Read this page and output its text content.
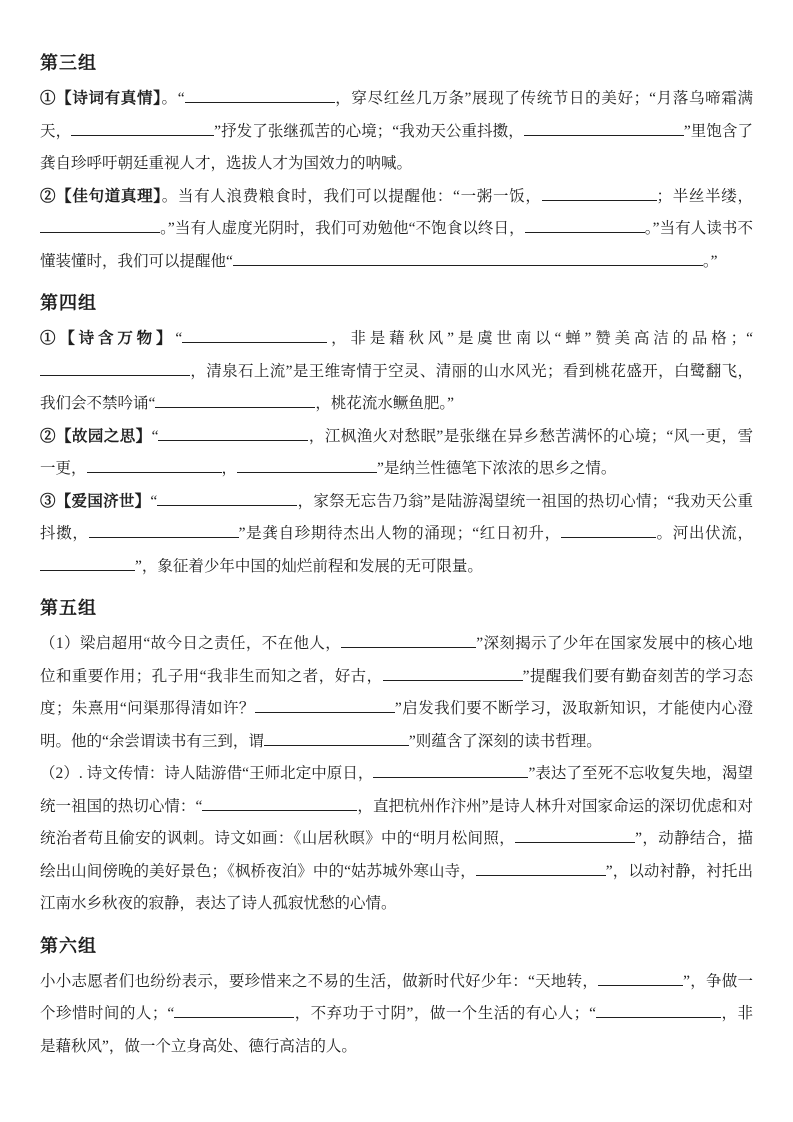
第三组

①【诗词有真情】。“	，穿尽红丝几万条”展现了传统节日的美好；“月落乌啼霜满天，	”抒发了张继孤苦的心境；“我劝天公重抖擞，	”里饱含了龚自珍呼吁朝廷重视人才，选拔人才为国效力的呐喊。

②【佳句道真理】。当有人浪费粮食时，我们可以提醒他：“一粥一饭，	；半丝半缕，。”当有人虚度光阴时，我们可劝勉他“不饱食以终日，	。”当有人读书不懂装懂时，我们可以提醒他“	。”

第四组

①【诗含万物】“	，非是藉秋风”是虞世南以“蝉”赞美高洁的品格；“，清泉石上流”是王维寄情于空灵、清丽的山水风光；看到桃花盛开，白鹭翻飞，我们会不禁吟诵“	，桃花流水鳜鱼肥。”

②【故园之思】“	，江枫渔火对愁眠”是张继在异乡愁苦满怀的心境；“风一更，雪一更，	，	”是纳兰性德笔下浓浓的思乡之情。

③【爱国济世】“	，家祭无忘告乃翁”是陆游渴望统一祖国的热切心情；“我劝天公重抖擞，	”是龚自珍期待杰出人物的涌现；“红日初升，	。河出伏流，”，象征着少年中国的灿烂前程和发展的无可限量。

第五组

（1）梁启超用“故今日之责任，不在他人，	”深刻揭示了少年在国家发展中的核心地位和重要作用；孔子用“我非生而知之者，好古，	”提醒我们要有勤奋刻苦的学习态度；朱熹用“问渠那得清如许？	”启发我们要不断学习，汲取新知识，才能使内心澄明。他的“余尝谓读书有三到，谓	”则蕴含了深刻的读书哲理。

（2）. 诗文传情：诗人陆游借“王师北定中原日，	”表达了至死不忘收复失地，渴望统一祖国的热切心情：“	，直把杭州作汴州”是诗人林升对国家命运的深切优虑和对统治者苟且偷安的讽刺。诗文如画：《山居秋暝》中的“明月松间照，	”，动静结合，描绘出山间傍晚的美好景色；《枫桥夜泊》中的“姑苏城外寒山寺，	”，以动衬静，衬托出江南水乡秋夜的寂静，表达了诗人孤寂忧愁的心情。

第六组

小小志愿者们也纷纷表示，要珍惜来之不易的生活，做新时代好少年：“天地转，	”，争做一个珍惜时间的人；“	，不弃功于寸阴”，做一个生活的有心人；“	，非是藉秋风”，做一个立身高处、德行高洁的人。
